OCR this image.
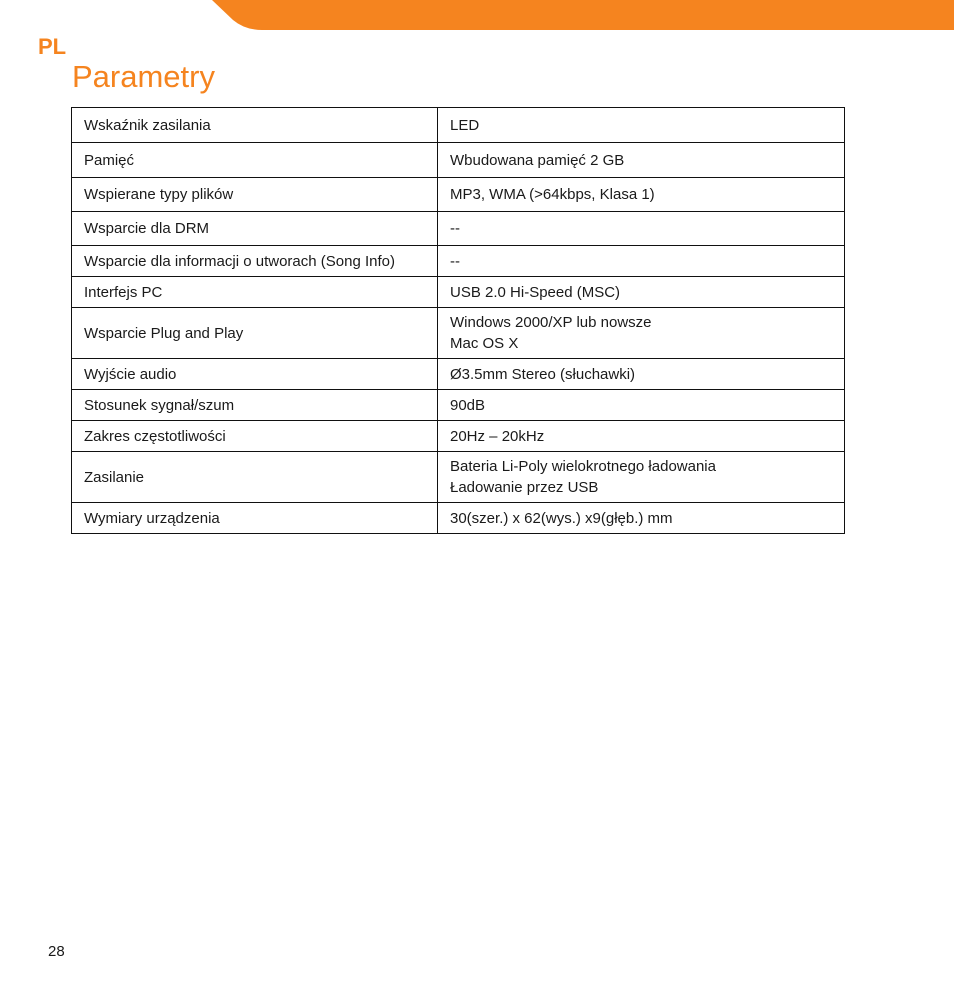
PL
Parametry
Wskaźnik zasilania	LED

Pamięć	Wbudowana pamięć 2 GB

Wspierane typy plików	MP3, WMA (>64kbps, Klasa 1)

Wsparcie dla DRM	--

Wsparcie dla informacji o utworach (Song Info)	--

Interfejs PC	USB 2.0 Hi-Speed (MSC)

Wsparcie Plug and Play	Windows 2000/XP lub nowsze
Mac OS X

Wyjście audio	Ø3.5mm Stereo (słuchawki)

Stosunek sygnał/szum	90dB

Zakres częstotliwości	20Hz – 20kHz

Zasilanie	Bateria Li-Poly wielokrotnego ładowania
Ładowanie przez USB

Wymiary urządzenia	30(szer.) x 62(wys.) x9(głęb.) mm
28
